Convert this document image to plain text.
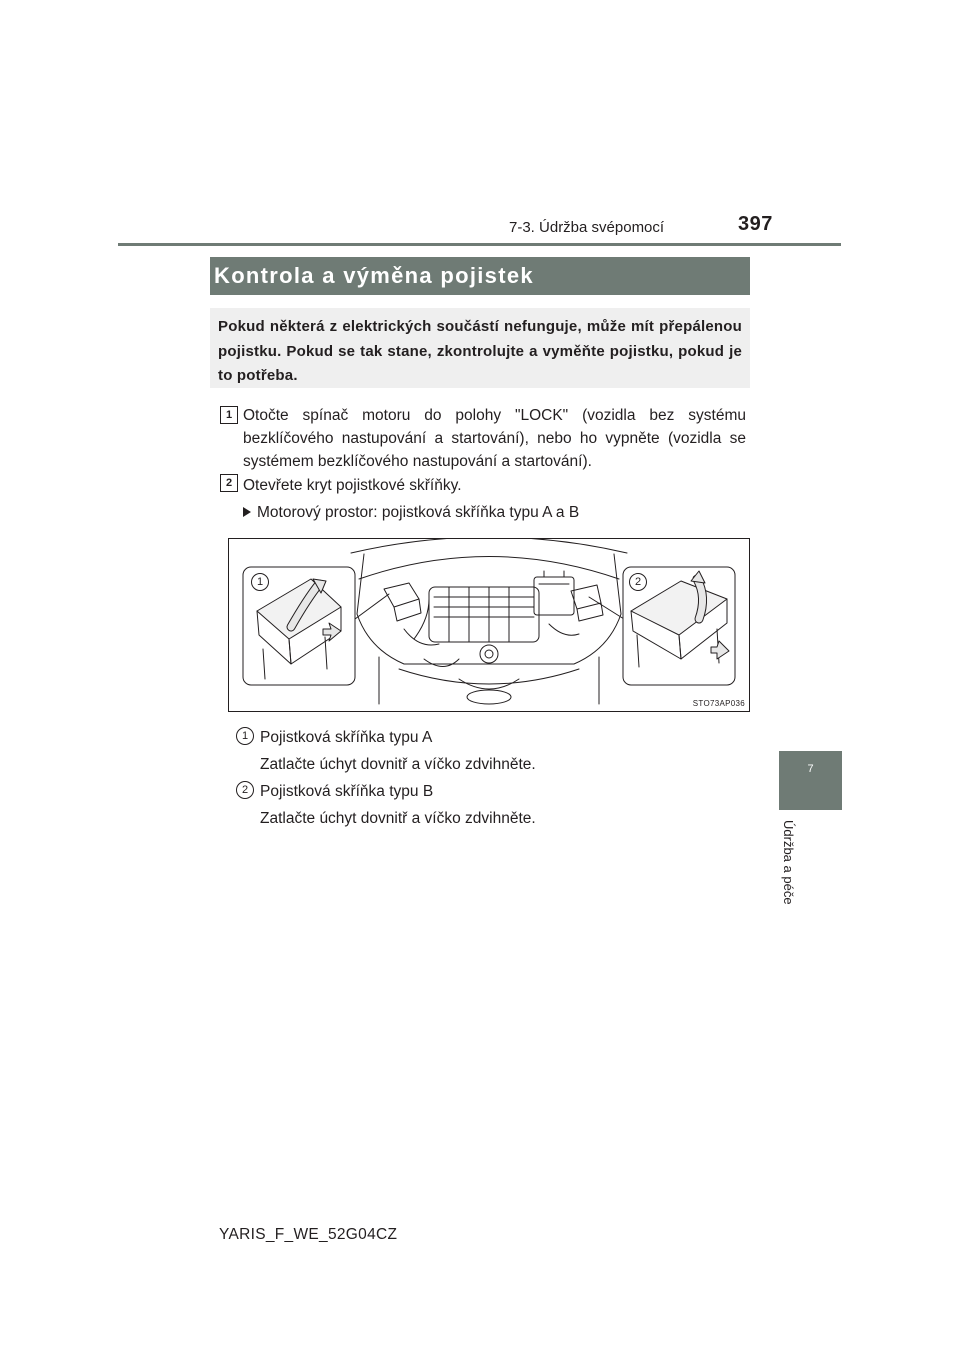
7-3. Údržba svépomocí	397
Kontrola a výměna pojistek
Pokud některá z elektrických součástí nefunguje, může mít přepálenou pojistku. Pokud se tak stane, zkontrolujte a vyměňte pojistku, pokud je to potřeba.
1 Otočte spínač motoru do polohy "LOCK" (vozidla bez systému bezklíčového nastupování a startování), nebo ho vypněte (vozidla se systémem bezklíčového nastupování a startování).
2 Otevřete kryt pojistkové skříňky.
Motorový prostor: pojistková skříňka typu A a B
1	2
STO73AP036
1 Pojistková skříňka typu A
Zatlačte úchyt dovnitř a víčko zdvihněte.
2 Pojistková skříňka typu B
Zatlačte úchyt dovnitř a víčko zdvihněte.
7
Údržba a péče
YARIS_F_WE_52G04CZ
